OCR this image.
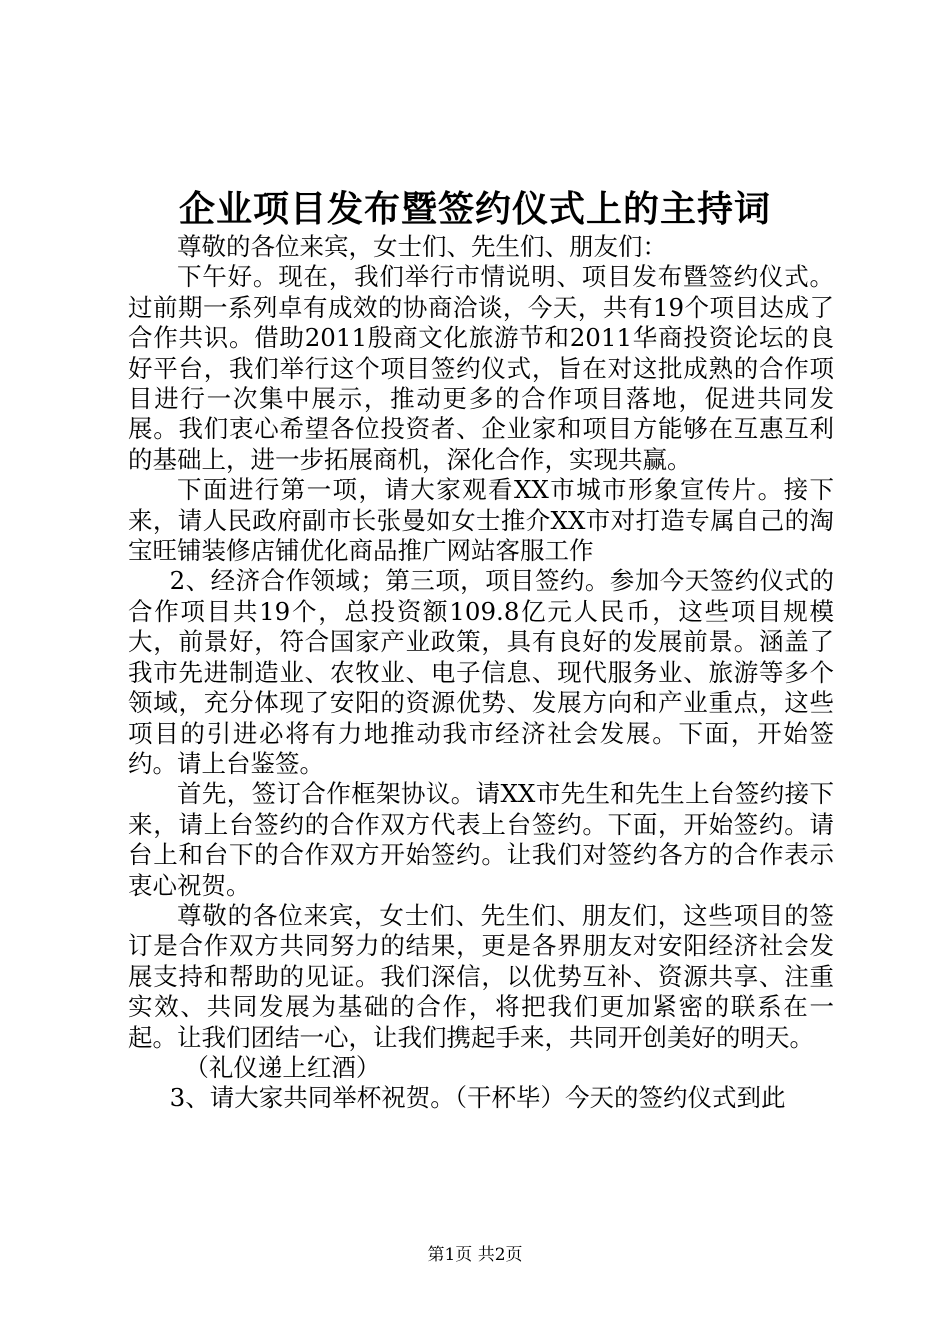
企业项目发布暨签约仪式上的主持词

尊敬的各位来宾，女士们、先生们、朋友们：

下午好。现在，我们举行市情说明、项目发布暨签约仪式。过前期一系列卓有成效的协商洽谈，今天，共有19个项目达成了合作共识。借助2011殷商文化旅游节和2011华商投资论坛的良好平台，我们举行这个项目签约仪式，旨在对这批成熟的合作项目进行一次集中展示，推动更多的合作项目落地，促进共同发展。我们衷心希望各位投资者、企业家和项目方能够在互惠互利的基础上，进一步拓展商机，深化合作，实现共赢。

下面进行第一项，请大家观看XX市城市形象宣传片。接下来，请人民政府副市长张曼如女士推介XX市对打造专属自己的淘宝旺铺装修店铺优化商品推广网站客服工作

2、经济合作领域；第三项，项目签约。参加今天签约仪式的合作项目共19个，总投资额109.8亿元人民币，这些项目规模大，前景好，符合国家产业政策，具有良好的发展前景。涵盖了我市先进制造业、农牧业、电子信息、现代服务业、旅游等多个领域，充分体现了安阳的资源优势、发展方向和产业重点，这些项目的引进必将有力地推动我市经济社会发展。下面，开始签约。请上台鉴签。

首先，签订合作框架协议。请XX市先生和先生上台签约接下来，请上台签约的合作双方代表上台签约。下面，开始签约。请台上和台下的合作双方开始签约。让我们对签约各方的合作表示衷心祝贺。

尊敬的各位来宾，女士们、先生们、朋友们，这些项目的签订是合作双方共同努力的结果，更是各界朋友对安阳经济社会发展支持和帮助的见证。我们深信，以优势互补、资源共享、注重实效、共同发展为基础的合作，将把我们更加紧密的联系在一起。让我们团结一心，让我们携起手来，共同开创美好的明天。

（礼仪递上红酒）

3、请大家共同举杯祝贺。（干杯毕）今天的签约仪式到此

第1页 共2页
